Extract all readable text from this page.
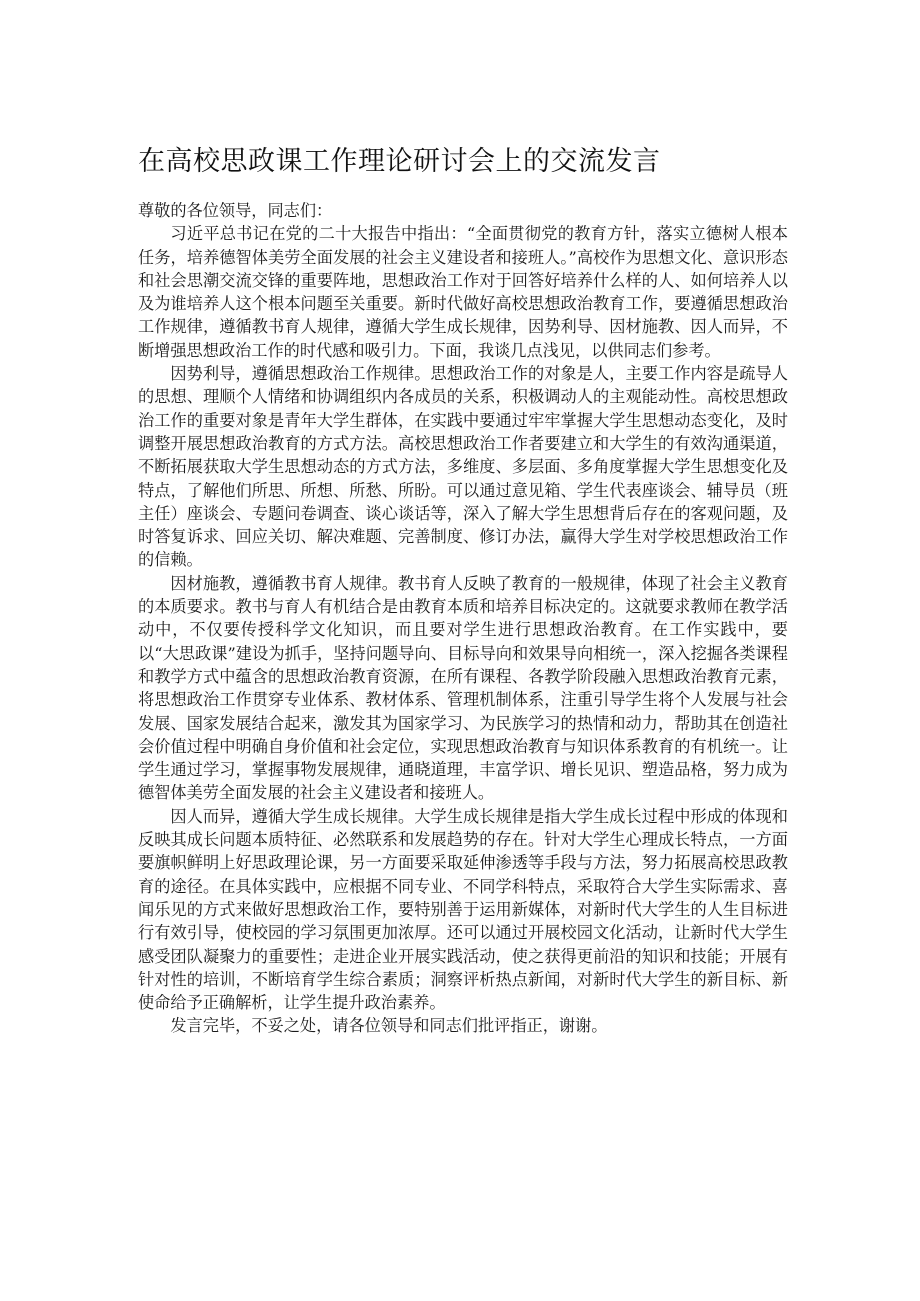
在高校思政课工作理论研讨会上的交流发言

尊敬的各位领导，同志们：

习近平总书记在党的二十大报告中指出：“全面贯彻党的教育方针，落实立德树人根本任务，培养德智体美劳全面发展的社会主义建设者和接班人。”高校作为思想文化、意识形态和社会思潮交流交锋的重要阵地，思想政治工作对于回答好培养什么样的人、如何培养人以及为谁培养人这个根本问题至关重要。新时代做好高校思想政治教育工作，要遵循思想政治工作规律，遵循教书育人规律，遵循大学生成长规律，因势利导、因材施教、因人而异，不断增强思想政治工作的时代感和吸引力。下面，我谈几点浅见，以供同志们参考。

因势利导，遵循思想政治工作规律。思想政治工作的对象是人，主要工作内容是疏导人的思想、理顺个人情绪和协调组织内各成员的关系，积极调动人的主观能动性。高校思想政治工作的重要对象是青年大学生群体，在实践中要通过牢牢掌握大学生思想动态变化，及时调整开展思想政治教育的方式方法。高校思想政治工作者要建立和大学生的有效沟通渠道，不断拓展获取大学生思想动态的方式方法，多维度、多层面、多角度掌握大学生思想变化及特点，了解他们所思、所想、所愁、所盼。可以通过意见箱、学生代表座谈会、辅导员（班主任）座谈会、专题问卷调查、谈心谈话等，深入了解大学生思想背后存在的客观问题，及时答复诉求、回应关切、解决难题、完善制度、修订办法，赢得大学生对学校思想政治工作的信赖。

因材施教，遵循教书育人规律。教书育人反映了教育的一般规律，体现了社会主义教育的本质要求。教书与育人有机结合是由教育本质和培养目标决定的。这就要求教师在教学活动中，不仅要传授科学文化知识，而且要对学生进行思想政治教育。在工作实践中，要以“大思政课”建设为抓手，坚持问题导向、目标导向和效果导向相统一，深入挖掘各类课程和教学方式中蕴含的思想政治教育资源，在所有课程、各教学阶段融入思想政治教育元素，将思想政治工作贯穿专业体系、教材体系、管理机制体系，注重引导学生将个人发展与社会发展、国家发展结合起来，激发其为国家学习、为民族学习的热情和动力，帮助其在创造社会价值过程中明确自身价值和社会定位，实现思想政治教育与知识体系教育的有机统一。让学生通过学习，掌握事物发展规律，通晓道理，丰富学识、增长见识、塑造品格，努力成为德智体美劳全面发展的社会主义建设者和接班人。

因人而异，遵循大学生成长规律。大学生成长规律是指大学生成长过程中形成的体现和反映其成长问题本质特征、必然联系和发展趋势的存在。针对大学生心理成长特点，一方面要旗帜鲜明上好思政理论课，另一方面要采取延伸渗透等手段与方法，努力拓展高校思政教育的途径。在具体实践中，应根据不同专业、不同学科特点，采取符合大学生实际需求、喜闻乐见的方式来做好思想政治工作，要特别善于运用新媒体，对新时代大学生的人生目标进行有效引导，使校园的学习氛围更加浓厚。还可以通过开展校园文化活动，让新时代大学生感受团队凝聚力的重要性；走进企业开展实践活动，使之获得更前沿的知识和技能；开展有针对性的培训，不断培育学生综合素质；洞察评析热点新闻，对新时代大学生的新目标、新使命给予正确解析，让学生提升政治素养。

发言完毕，不妥之处，请各位领导和同志们批评指正，谢谢。
